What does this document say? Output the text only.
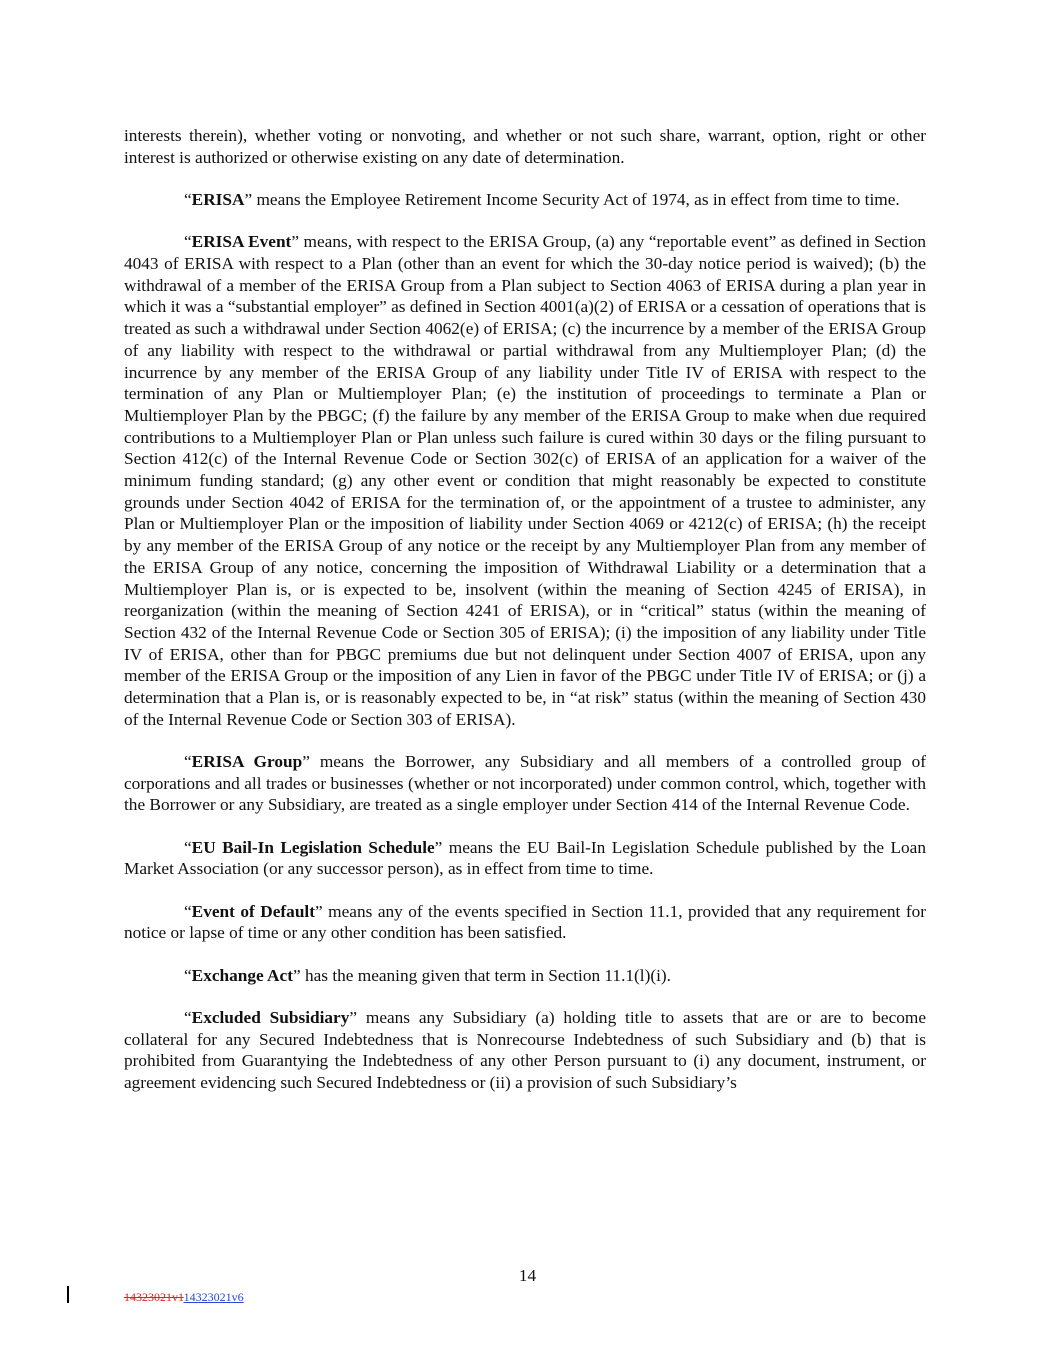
interests therein), whether voting or nonvoting, and whether or not such share, warrant, option, right or other interest is authorized or otherwise existing on any date of determination.

“ERISA” means the Employee Retirement Income Security Act of 1974, as in effect from time to time.

“ERISA Event” means, with respect to the ERISA Group, (a) any “reportable event” as defined in Section 4043 of ERISA with respect to a Plan (other than an event for which the 30-day notice period is waived); (b) the withdrawal of a member of the ERISA Group from a Plan subject to Section 4063 of ERISA during a plan year in which it was a “substantial employer” as defined in Section 4001(a)(2) of ERISA or a cessation of operations that is treated as such a withdrawal under Section 4062(e) of ERISA; (c) the incurrence by a member of the ERISA Group of any liability with respect to the withdrawal or partial withdrawal from any Multiemployer Plan; (d) the incurrence by any member of the ERISA Group of any liability under Title IV of ERISA with respect to the termination of any Plan or Multiemployer Plan; (e) the institution of proceedings to terminate a Plan or Multiemployer Plan by the PBGC; (f) the failure by any member of the ERISA Group to make when due required contributions to a Multiemployer Plan or Plan unless such failure is cured within 30 days or the filing pursuant to Section 412(c) of the Internal Revenue Code or Section 302(c) of ERISA of an application for a waiver of the minimum funding standard; (g) any other event or condition that might reasonably be expected to constitute grounds under Section 4042 of ERISA for the termination of, or the appointment of a trustee to administer, any Plan or Multiemployer Plan or the imposition of liability under Section 4069 or 4212(c) of ERISA; (h) the receipt by any member of the ERISA Group of any notice or the receipt by any Multiemployer Plan from any member of the ERISA Group of any notice, concerning the imposition of Withdrawal Liability or a determination that a Multiemployer Plan is, or is expected to be, insolvent (within the meaning of Section 4245 of ERISA), in reorganization (within the meaning of Section 4241 of ERISA), or in “critical” status (within the meaning of Section 432 of the Internal Revenue Code or Section 305 of ERISA); (i) the imposition of any liability under Title IV of ERISA, other than for PBGC premiums due but not delinquent under Section 4007 of ERISA, upon any member of the ERISA Group or the imposition of any Lien in favor of the PBGC under Title IV of ERISA; or (j) a determination that a Plan is, or is reasonably expected to be, in “at risk” status (within the meaning of Section 430 of the Internal Revenue Code or Section 303 of ERISA).

“ERISA Group” means the Borrower, any Subsidiary and all members of a controlled group of corporations and all trades or businesses (whether or not incorporated) under common control, which, together with the Borrower or any Subsidiary, are treated as a single employer under Section 414 of the Internal Revenue Code.

“EU Bail-In Legislation Schedule” means the EU Bail-In Legislation Schedule published by the Loan Market Association (or any successor person), as in effect from time to time.

“Event of Default” means any of the events specified in Section 11.1, provided that any requirement for notice or lapse of time or any other condition has been satisfied.

“Exchange Act” has the meaning given that term in Section 11.1(l)(i).

“Excluded Subsidiary” means any Subsidiary (a) holding title to assets that are or are to become collateral for any Secured Indebtedness that is Nonrecourse Indebtedness of such Subsidiary and (b) that is prohibited from Guarantying the Indebtedness of any other Person pursuant to (i) any document, instrument, or agreement evidencing such Secured Indebtedness or (ii) a provision of such Subsidiary’s

14
14323021v114323021v6
